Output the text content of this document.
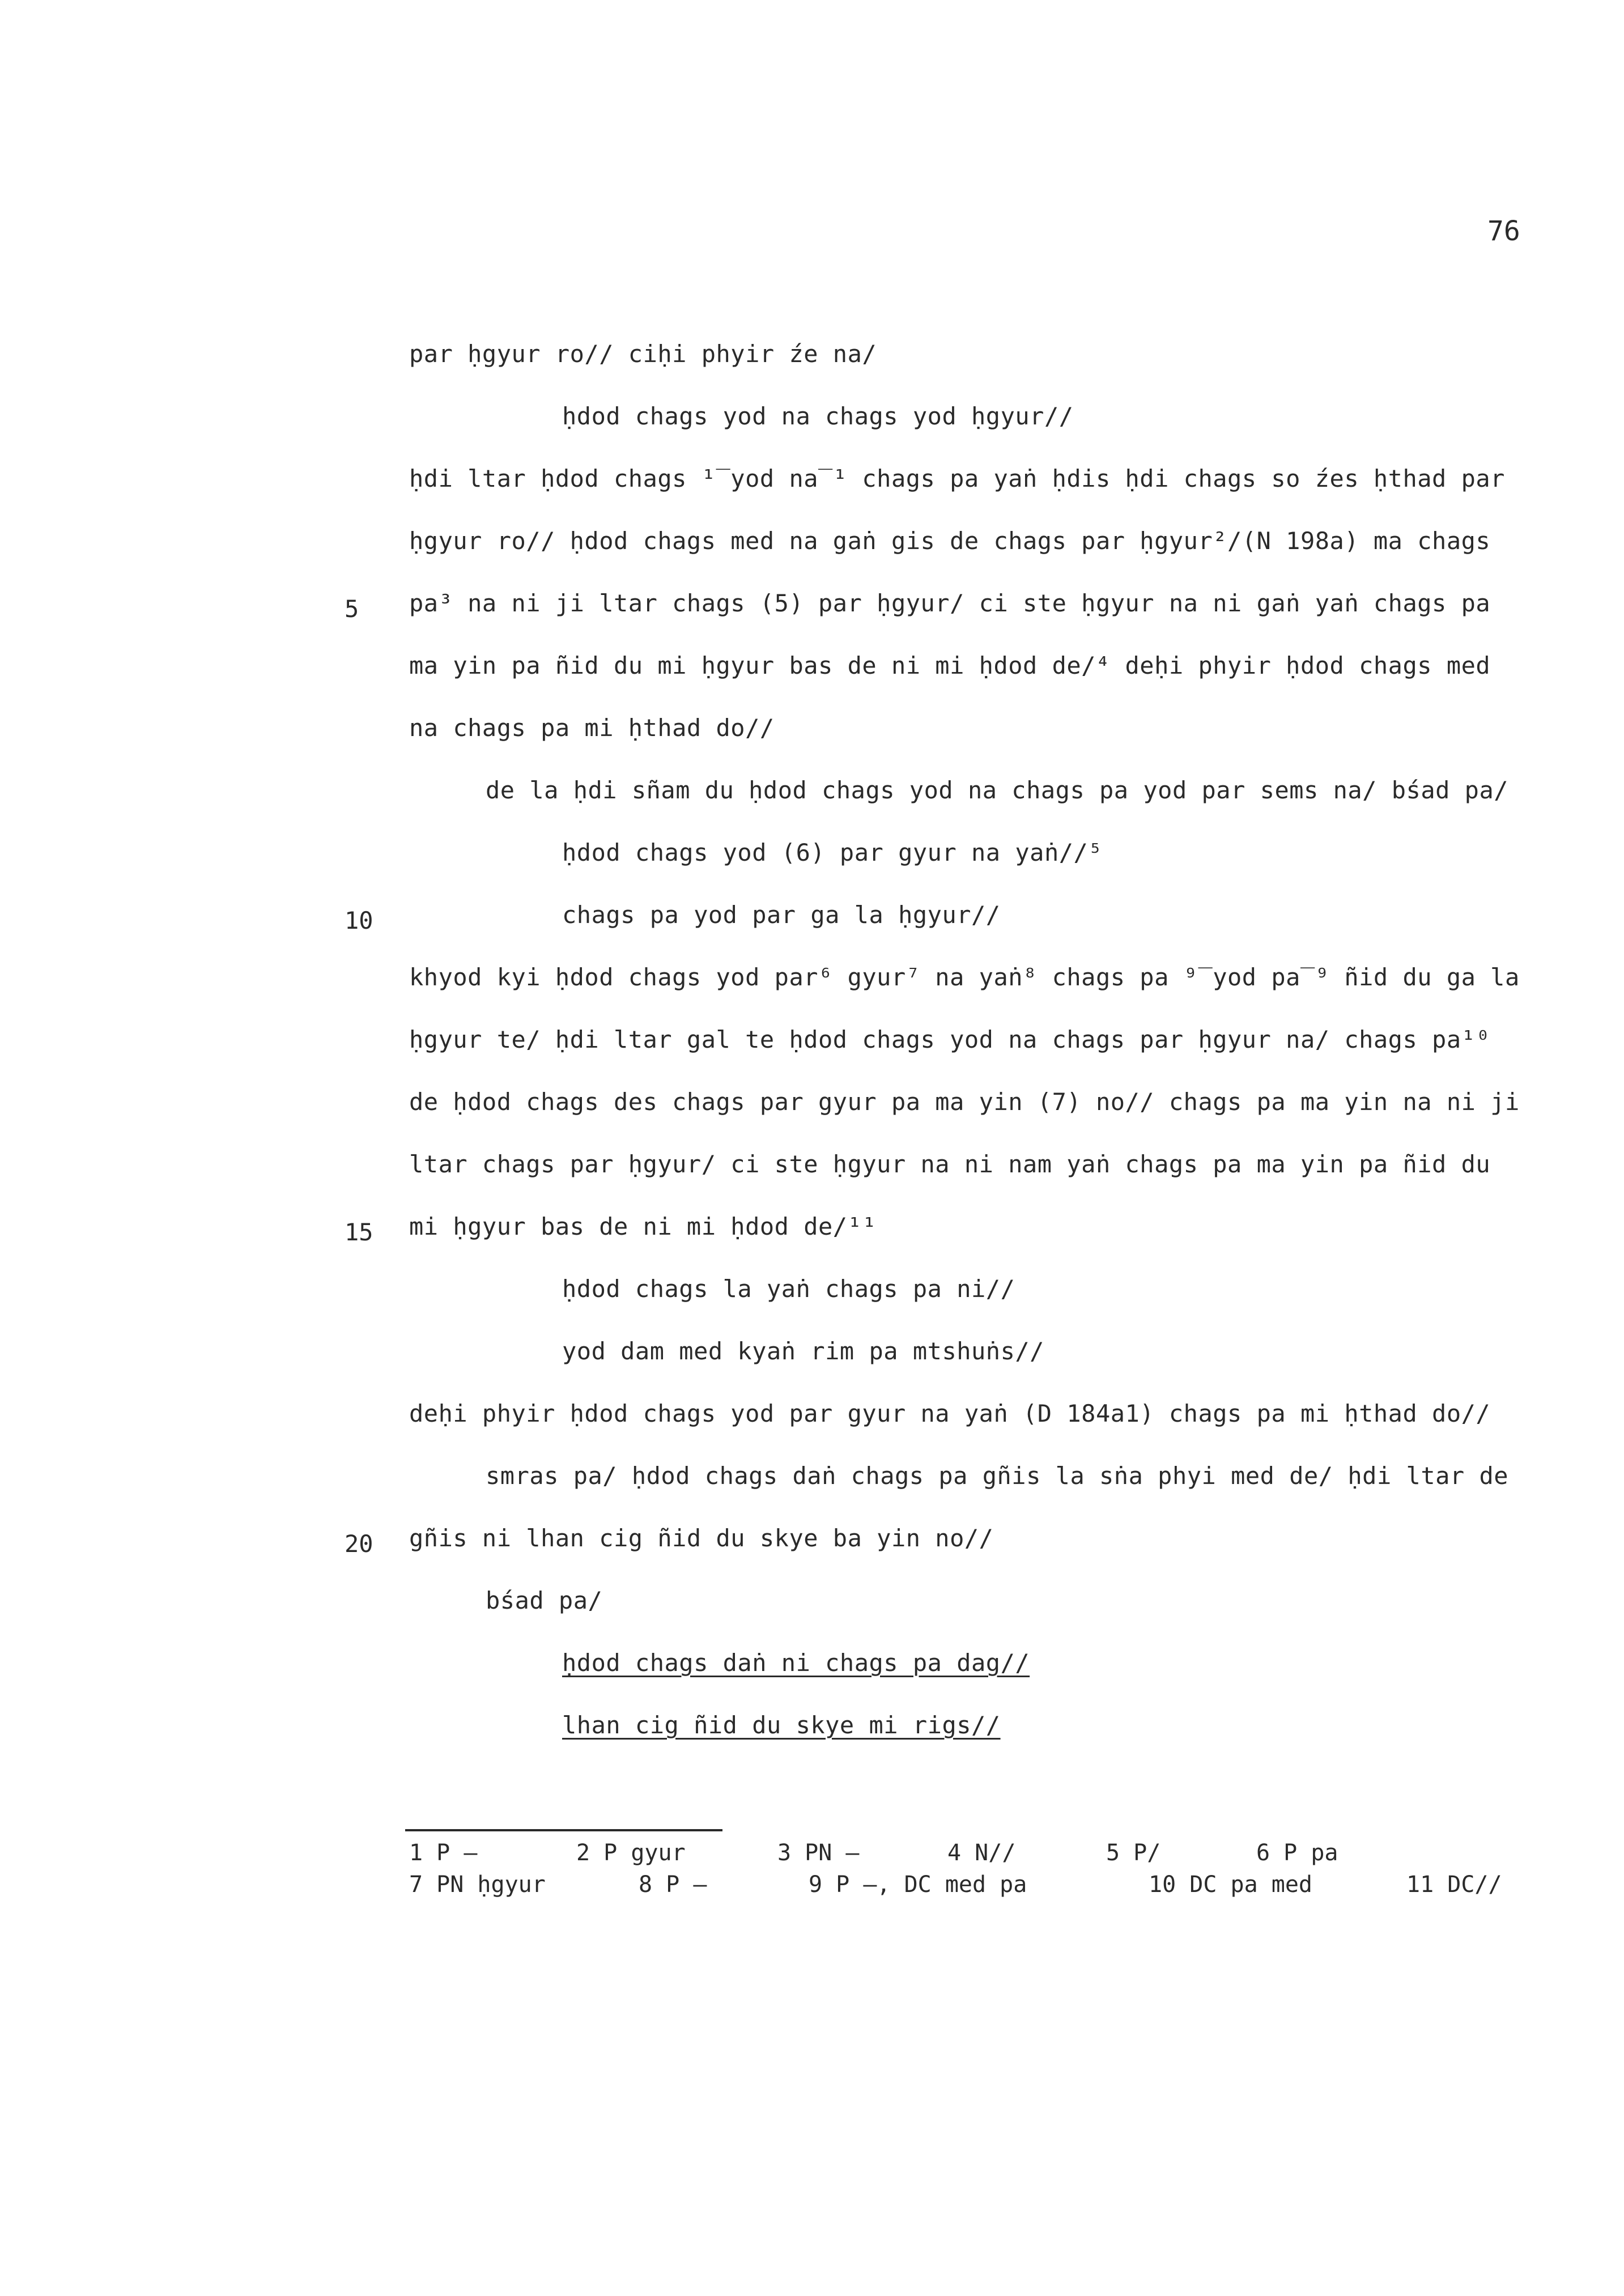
76
par ḥgyur ro// ciḥi phyir źe na/
ḥdod chags yod na chags yod ḥgyur//
ḥdi ltar ḥdod chags ¹‾yod na‾¹ chags pa yaṅ ḥdis ḥdi chags so źes ḥthad par
ḥgyur ro// ḥdod chags med na gaṅ gis de chags par ḥgyur²/(N 198a) ma chags
pa³ na ni ji ltar chags (5) par ḥgyur/ ci ste ḥgyur na ni gaṅ yaṅ chags pa
ma yin pa ñid du mi ḥgyur bas de ni mi ḥdod de/⁴ deḥi phyir ḥdod chags med
na chags pa mi ḥthad do//
de la ḥdi sñam du ḥdod chags yod na chags pa yod par sems na/ bśad pa/
ḥdod chags yod (6) par gyur na yaṅ//⁵
chags pa yod par ga la ḥgyur//
khyod kyi ḥdod chags yod par⁶ gyur⁷ na yaṅ⁸ chags pa ⁹‾yod pa‾⁹ ñid du ga la
ḥgyur te/ ḥdi ltar gal te ḥdod chags yod na chags par ḥgyur na/ chags pa¹⁰
de ḥdod chags des chags par gyur pa ma yin (7) no// chags pa ma yin na ni ji
ltar chags par ḥgyur/ ci ste ḥgyur na ni nam yaṅ chags pa ma yin pa ñid du
mi ḥgyur bas de ni mi ḥdod de/¹¹
ḥdod chags la yaṅ chags pa ni//
yod dam med kyaṅ rim pa mtshuṅs//
deḥi phyir ḥdod chags yod par gyur na yaṅ (D 184a1) chags pa mi ḥthad do//
smras pa/ ḥdod chags daṅ chags pa gñis la sṅa phyi med de/ ḥdi ltar de
gñis ni lhan cig ñid du skye ba yin no//
bśad pa/
ḥdod chags daṅ ni chags pa dag//
lhan cig ñid du skye mi rigs//
5
10
15
20
1 P —	2 P gyur	3 PN —	4 N//	5 P/	6 P pa
7 PN ḥgyur	8 P —	9 P —, DC med pa	10 DC pa med	11 DC//
